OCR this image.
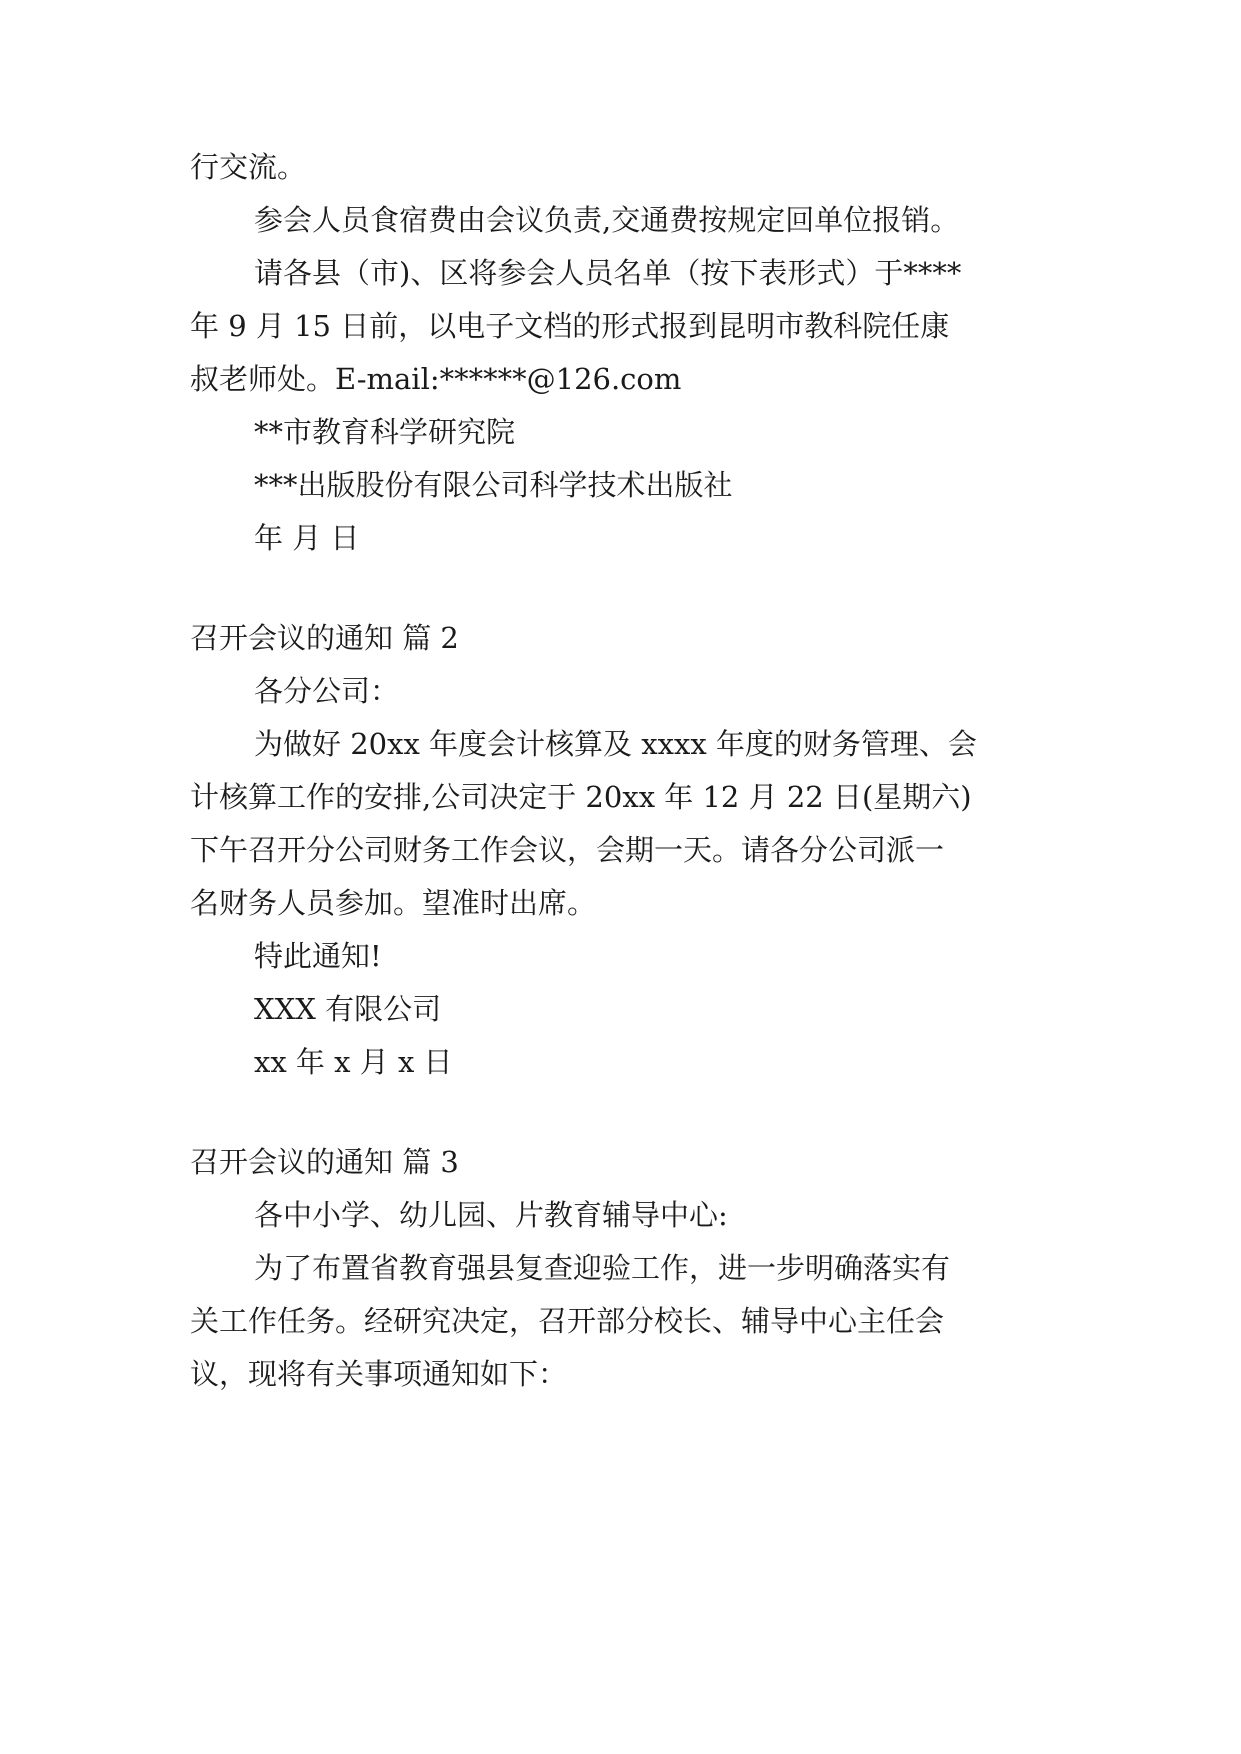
行交流。

参会人员食宿费由会议负责,交通费按规定回单位报销。

请各县（市)、区将参会人员名单（按下表形式）于****

年 9 月 15 日前，以电子文档的形式报到昆明市教科院任康

叔老师处。E-mail:******@126.com

**市教育科学研究院

***出版股份有限公司科学技术出版社

年 月 日

召开会议的通知 篇 2

各分公司：

为做好 20xx 年度会计核算及 xxxx 年度的财务管理、会

计核算工作的安排,公司决定于 20xx 年 12 月 22 日(星期六)

下午召开分公司财务工作会议，会期一天。请各分公司派一

名财务人员参加。望准时出席。

特此通知!

XXX 有限公司

xx 年 x 月 x 日

召开会议的通知 篇 3

各中小学、幼儿园、片教育辅导中心:

为了布置省教育强县复查迎验工作，进一步明确落实有

关工作任务。经研究决定，召开部分校长、辅导中心主任会

议，现将有关事项通知如下：
